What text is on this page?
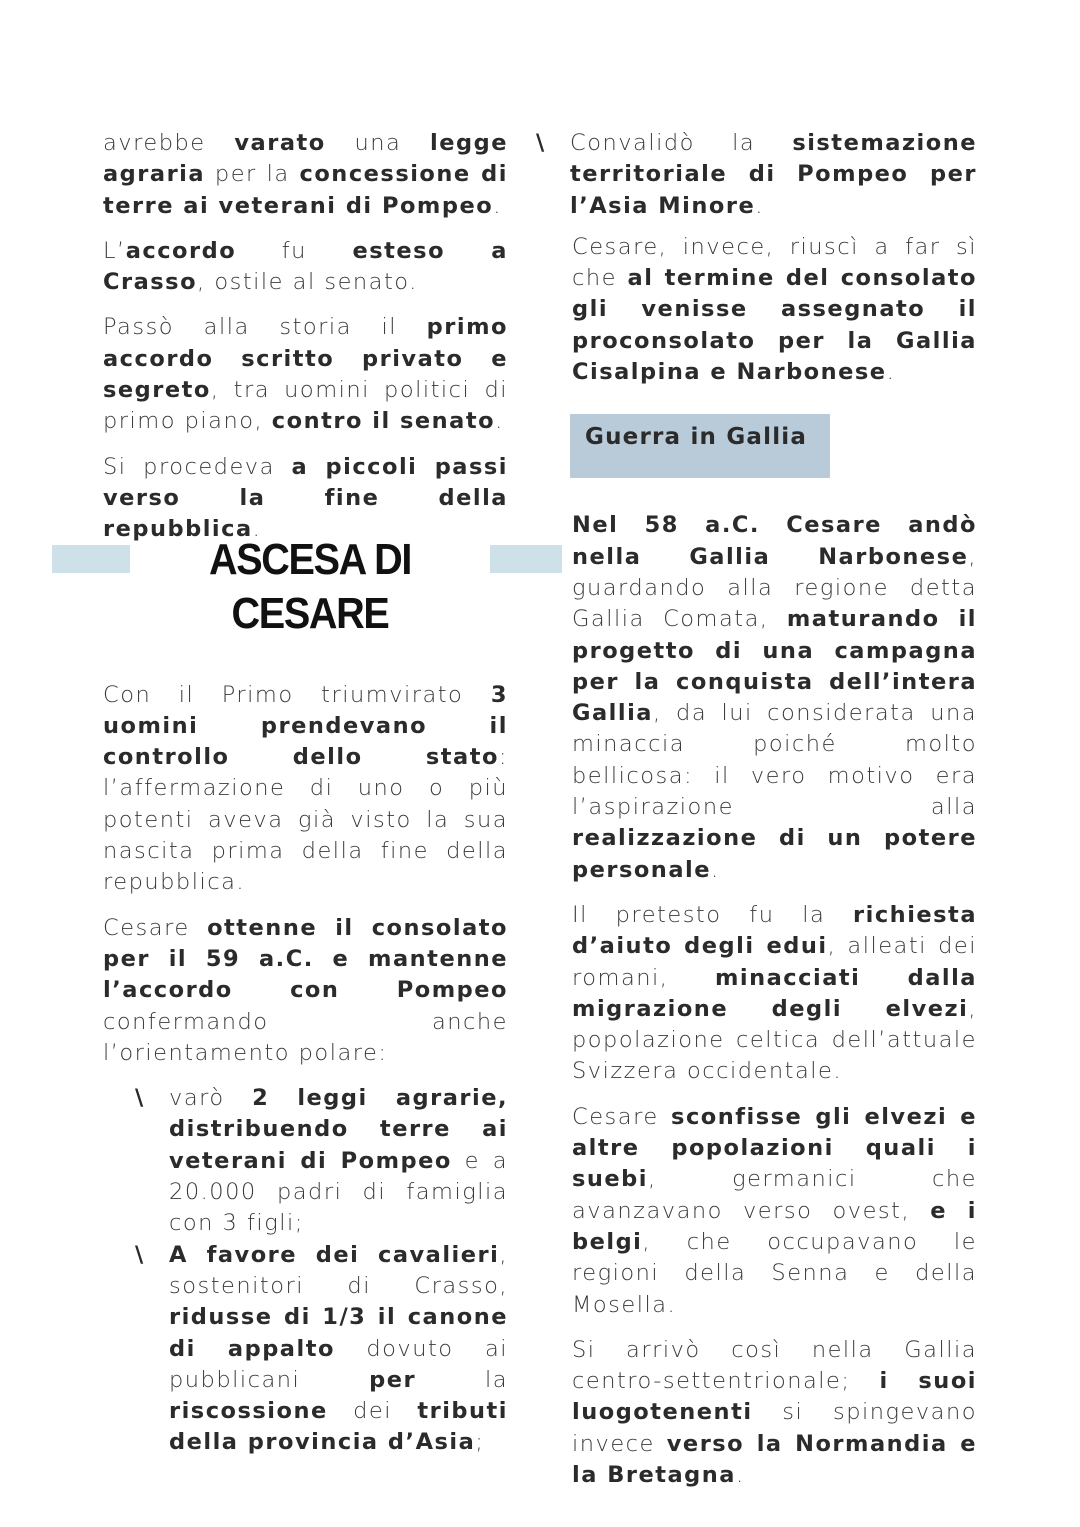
avrebbe varato una legge agraria per la concessione di terre ai veterani di Pompeo.

L’accordo fu esteso a Crasso, ostile al senato.

Passò alla storia il primo accordo scritto privato e segreto, tra uomini politici di primo piano, contro il senato.

Si procedeva a piccoli passi verso la fine della repubblica.

Con il Primo triumvirato 3 uomini prendevano il controllo dello stato: l’affermazione di uno o più potenti aveva già visto la sua nascita prima della fine della repubblica.

Cesare ottenne il consolato per il 59 a.C. e mantenne l’accordo con Pompeo confermando anche l’orientamento polare:

\ varò 2 leggi agrarie, distribuendo terre ai veterani di Pompeo e a 20.000 padri di famiglia con 3 figli;

\ A favore dei cavalieri, sostenitori di Crasso, ridusse di 1/3 il canone di appalto dovuto ai pubblicani per la riscossione dei tributi della provincia d’Asia;

ASCESA DI CESARE
\ Convalidò la sistemazione territoriale di Pompeo per l’Asia Minore.

Cesare, invece, riuscì a far sì che al termine del consolato gli venisse assegnato il proconsolato per la Gallia Cisalpina e Narbonese.

Nel 58 a.C. Cesare andò nella Gallia Narbonese, guardando alla regione detta Gallia Comata, maturando il progetto di una campagna per la conquista dell’intera Gallia, da lui considerata una minaccia poiché molto bellicosa: il vero motivo era l’aspirazione alla realizzazione di un potere personale.

Il pretesto fu la richiesta d’aiuto degli edui, alleati dei romani, minacciati dalla migrazione degli elvezi, popolazione celtica dell’attuale Svizzera occidentale.

Cesare sconfisse gli elvezi e altre popolazioni quali i suebi, germanici che avanzavano verso ovest, e i belgi, che occupavano le regioni della Senna e della Mosella.

Si arrivò così nella Gallia centro-settentrionale; i suoi luogotenenti si spingevano invece verso la Normandia e la Bretagna.

Guerra in Gallia
